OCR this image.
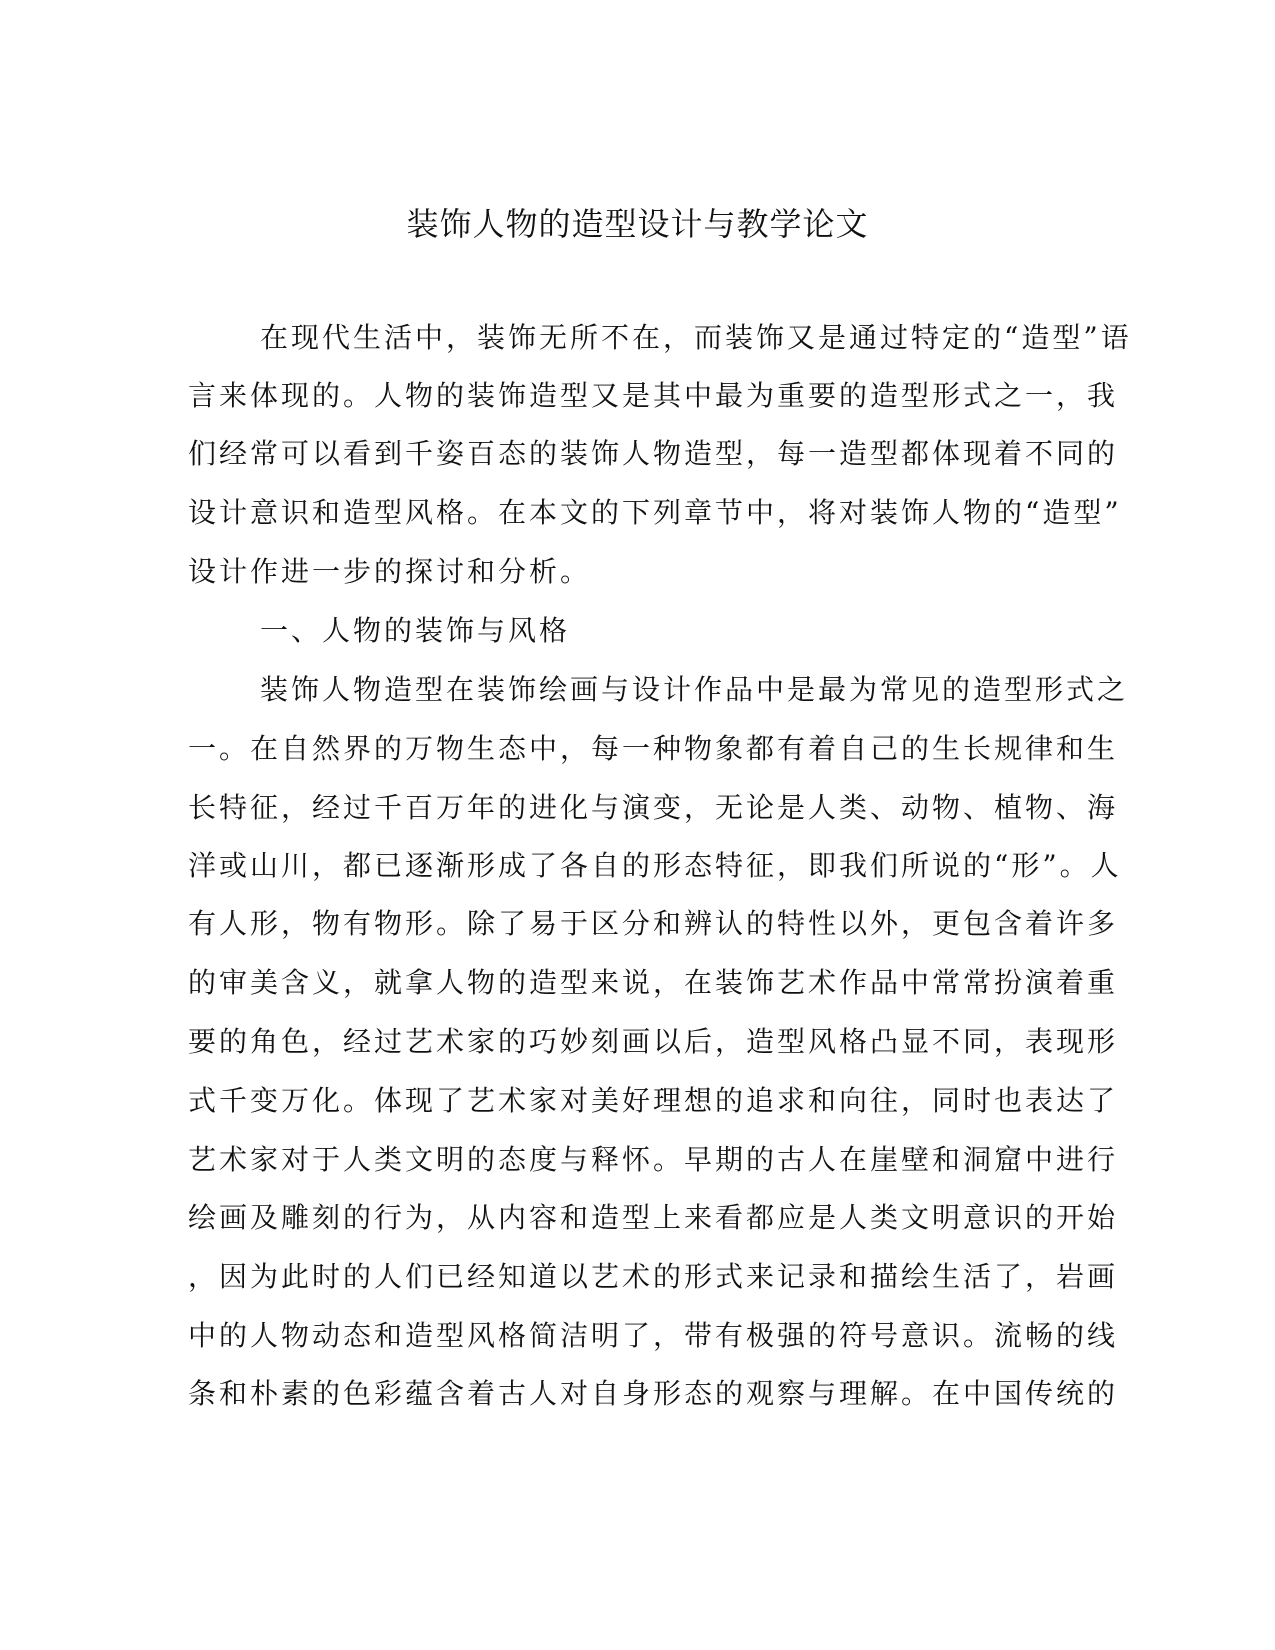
装饰人物的造型设计与教学论文

在现代生活中，装饰无所不在，而装饰又是通过特定的“造型”语

言来体现的。人物的装饰造型又是其中最为重要的造型形式之一，我

们经常可以看到千姿百态的装饰人物造型，每一造型都体现着不同的

设计意识和造型风格。在本文的下列章节中，将对装饰人物的“造型”

设计作进一步的探讨和分析。

一、人物的装饰与风格

装饰人物造型在装饰绘画与设计作品中是最为常见的造型形式之

一。在自然界的万物生态中，每一种物象都有着自己的生长规律和生

长特征，经过千百万年的进化与演变，无论是人类、动物、植物、海

洋或山川，都已逐渐形成了各自的形态特征，即我们所说的“形”。人

有人形，物有物形。除了易于区分和辨认的特性以外，更包含着许多

的审美含义，就拿人物的造型来说，在装饰艺术作品中常常扮演着重

要的角色，经过艺术家的巧妙刻画以后，造型风格凸显不同，表现形

式千变万化。体现了艺术家对美好理想的追求和向往，同时也表达了

艺术家对于人类文明的态度与释怀。早期的古人在崖壁和洞窟中进行

绘画及雕刻的行为，从内容和造型上来看都应是人类文明意识的开始

，因为此时的人们已经知道以艺术的形式来记录和描绘生活了，岩画

中的人物动态和造型风格简洁明了，带有极强的符号意识。流畅的线

条和朴素的色彩蕴含着古人对自身形态的观察与理解。在中国传统的
